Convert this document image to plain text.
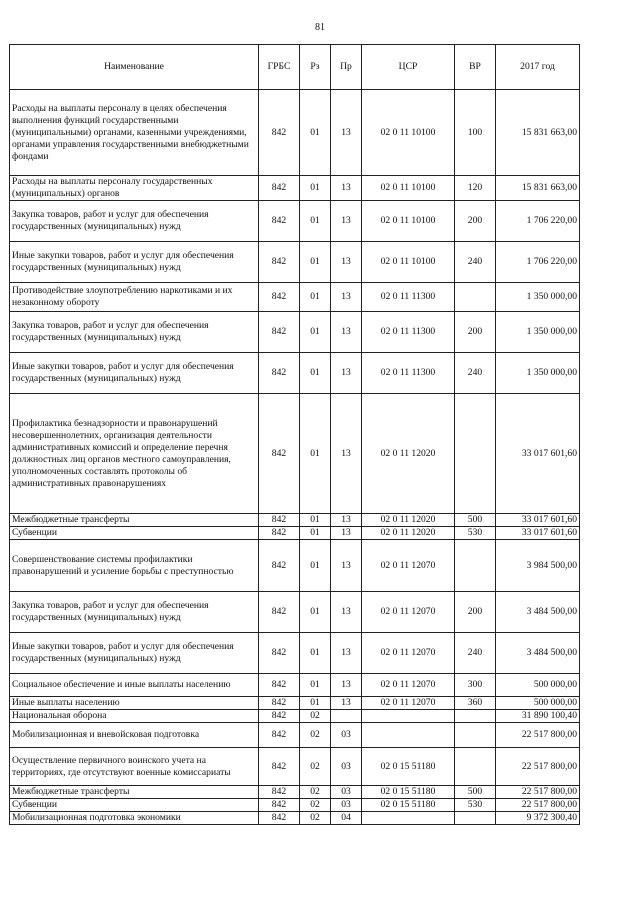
81
Наименование	ГРБС	Рз	Пр	ЦСР	ВР	2017 год
Расходы на выплаты персоналу в целях обеспечения выполнения функций государственными (муниципальными) органами, казенными учреждениями, органами управления государственными внебюджетными фондами	842	01	13	02 0 11 10100	100	15 831 663,00
Расходы на выплаты персоналу государственных (муниципальных) органов	842	01	13	02 0 11 10100	120	15 831 663,00
Закупка товаров, работ и услуг для обеспечения государственных (муниципальных) нужд	842	01	13	02 0 11 10100	200	1 706 220,00
Иные закупки товаров, работ и услуг для обеспечения государственных (муниципальных) нужд	842	01	13	02 0 11 10100	240	1 706 220,00
Противодействие злоупотреблению наркотиками и их незаконному обороту	842	01	13	02 0 11 11300		1 350 000,00
Закупка товаров, работ и услуг для обеспечения государственных (муниципальных) нужд	842	01	13	02 0 11 11300	200	1 350 000,00
Иные закупки товаров, работ и услуг для обеспечения государственных (муниципальных) нужд	842	01	13	02 0 11 11300	240	1 350 000,00
Профилактика безнадзорности и правонарушений несовершеннолетних, организация деятельности административных комиссий и определение перечня должностных лиц органов местного самоуправления, уполномоченных составлять протоколы об административных правонарушениях	842	01	13	02 0 11 12020		33 017 601,60
Межбюджетные трансферты	842	01	13	02 0 11 12020	500	33 017 601,60
Субвенции	842	01	13	02 0 11 12020	530	33 017 601,60
Совершенствование системы профилактики правонарушений и усиление борьбы с преступностью	842	01	13	02 0 11 12070		3 984 500,00
Закупка товаров, работ и услуг для обеспечения государственных (муниципальных) нужд	842	01	13	02 0 11 12070	200	3 484 500,00
Иные закупки товаров, работ и услуг для обеспечения государственных (муниципальных) нужд	842	01	13	02 0 11 12070	240	3 484 500,00
Социальное обеспечение и иные выплаты населению	842	01	13	02 0 11 12070	300	500 000,00
Иные выплаты населению	842	01	13	02 0 11 12070	360	500 000,00
Национальная оборона	842	02				31 890 100,40
Мобилизационная и вневойсковая подготовка	842	02	03			22 517 800,00
Осуществление первичного воинского учета на территориях, где отсутствуют военные комиссариаты	842	02	03	02 0 15 51180		22 517 800,00
Межбюджетные трансферты	842	02	03	02 0 15 51180	500	22 517 800,00
Субвенции	842	02	03	02 0 15 51180	530	22 517 800,00
Мобилизационная подготовка экономики	842	02	04			9 372 300,40
